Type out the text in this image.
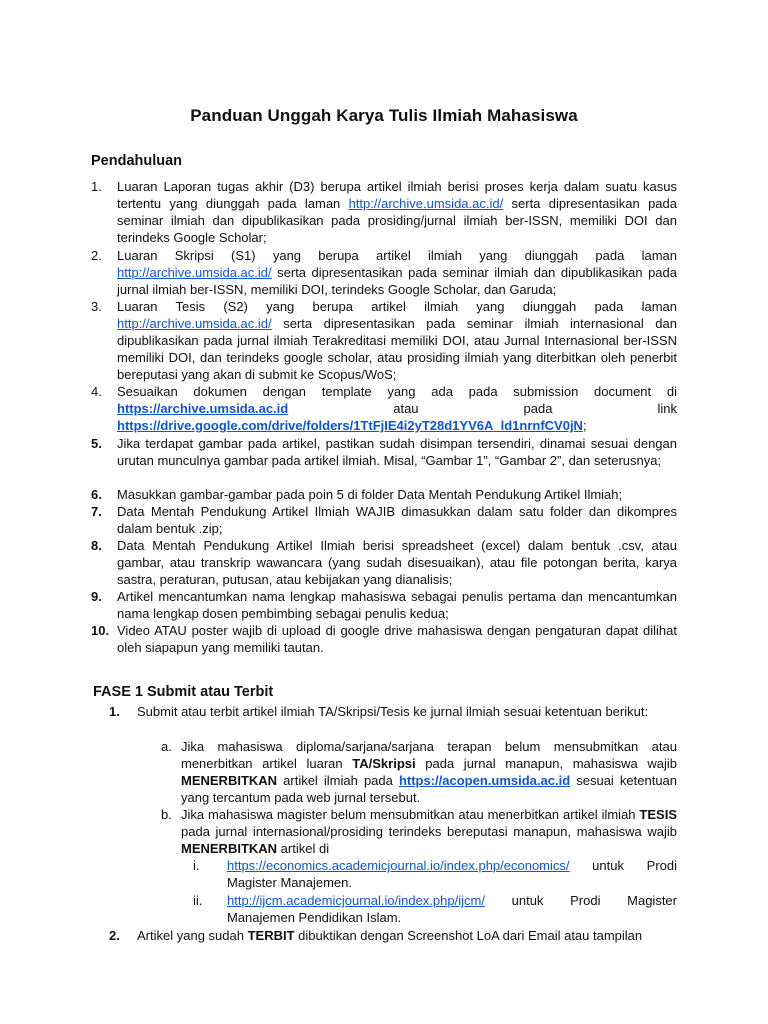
Panduan Unggah Karya Tulis Ilmiah Mahasiswa
Pendahuluan
1. Luaran Laporan tugas akhir (D3) berupa artikel ilmiah berisi proses kerja dalam suatu kasus tertentu yang diunggah pada laman http://archive.umsida.ac.id/ serta dipresentasikan pada seminar ilmiah dan dipublikasikan pada prosiding/jurnal ilmiah ber-ISSN, memiliki DOI dan terindeks Google Scholar;

2. Luaran Skripsi (S1) yang berupa artikel ilmiah yang diunggah pada laman http://archive.umsida.ac.id/ serta dipresentasikan pada seminar ilmiah dan dipublikasikan pada jurnal ilmiah ber-ISSN, memiliki DOI, terindeks Google Scholar, dan Garuda;

3. Luaran Tesis (S2) yang berupa artikel ilmiah yang diunggah pada laman http://archive.umsida.ac.id/ serta dipresentasikan pada seminar ilmiah internasional dan dipublikasikan pada jurnal ilmiah Terakreditasi memiliki DOI, atau Jurnal Internasional ber-ISSN memiliki DOI, dan terindeks google scholar, atau prosiding ilmiah yang diterbitkan oleh penerbit bereputasi yang akan di submit ke Scopus/WoS;

4. Sesuaikan dokumen dengan template yang ada pada submission document di https://archive.umsida.ac.id atau pada link https://drive.google.com/drive/folders/1TtFjIE4i2yT28d1YV6A_ld1nrnfCV0jN;

5. Jika terdapat gambar pada artikel, pastikan sudah disimpan tersendiri, dinamai sesuai dengan urutan munculnya gambar pada artikel ilmiah. Misal, “Gambar 1”, “Gambar 2”, dan seterusnya;

6. Masukkan gambar-gambar pada poin 5 di folder Data Mentah Pendukung Artikel Ilmiah;

7. Data Mentah Pendukung Artikel Ilmiah WAJIB dimasukkan dalam satu folder dan dikompres dalam bentuk .zip;

8. Data Mentah Pendukung Artikel Ilmiah berisi spreadsheet (excel) dalam bentuk .csv, atau gambar, atau transkrip wawancara (yang sudah disesuaikan), atau file potongan berita, karya sastra, peraturan, putusan, atau kebijakan yang dianalisis;

9. Artikel mencantumkan nama lengkap mahasiswa sebagai penulis pertama dan mencantumkan nama lengkap dosen pembimbing sebagai penulis kedua;

10. Video ATAU poster wajib di upload di google drive mahasiswa dengan pengaturan dapat dilihat oleh siapapun yang memiliki tautan.

FASE 1 Submit atau Terbit
1. Submit atau terbit artikel ilmiah TA/Skripsi/Tesis ke jurnal ilmiah sesuai ketentuan berikut:

a. Jika mahasiswa diploma/sarjana/sarjana terapan belum mensubmitkan atau menerbitkan artikel luaran TA/Skripsi pada jurnal manapun, mahasiswa wajib MENERBITKAN artikel ilmiah pada https://acopen.umsida.ac.id sesuai ketentuan yang tercantum pada web jurnal tersebut.

b. Jika mahasiswa magister belum mensubmitkan atau menerbitkan artikel ilmiah TESIS pada jurnal internasional/prosiding terindeks bereputasi manapun, mahasiswa wajib MENERBITKAN artikel di

i. https://economics.academicjournal.io/index.php/economics/ untuk Prodi Magister Manajemen.

ii. http://ijcm.academicjournal.io/index.php/ijcm/ untuk Prodi Magister Manajemen Pendidikan Islam.

2. Artikel yang sudah TERBIT dibuktikan dengan Screenshot LoA dari Email atau tampilan
